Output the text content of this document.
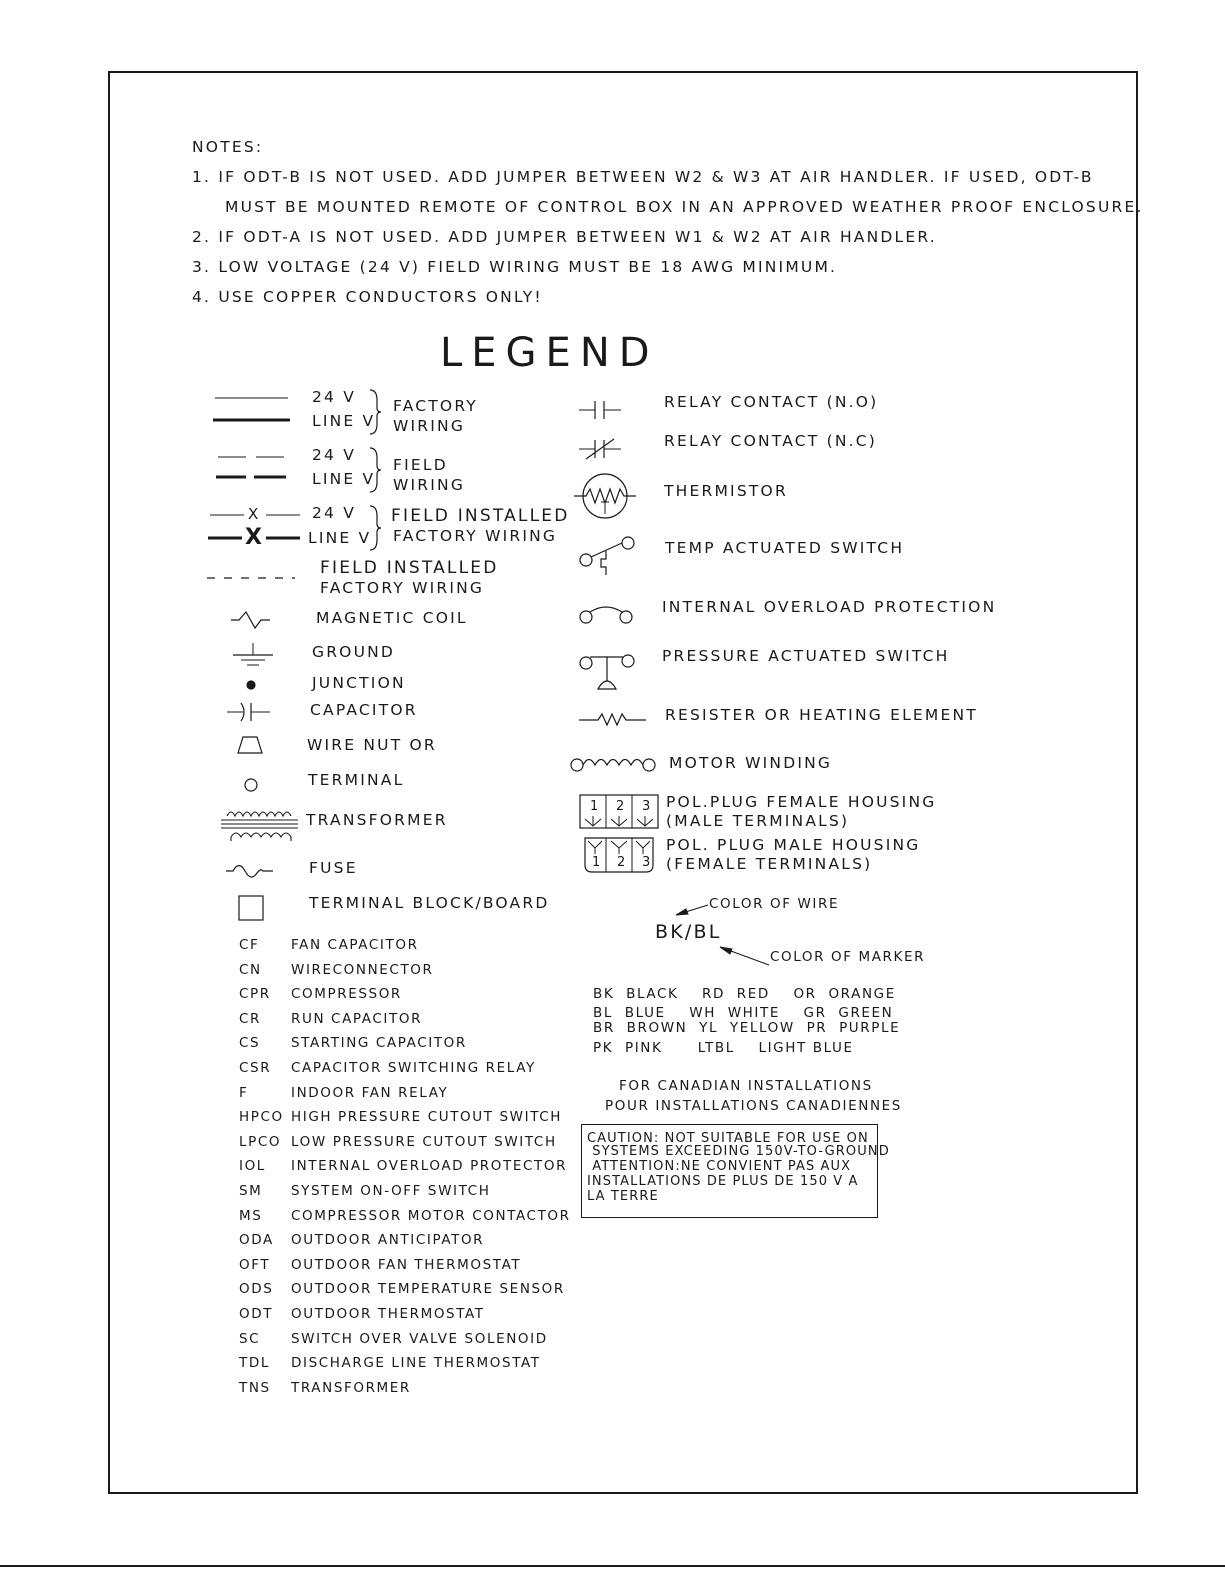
NOTES:
1. IF ODT-B IS NOT USED. ADD JUMPER BETWEEN W2 & W3 AT AIR HANDLER. IF USED, ODT-B
MUST BE MOUNTED REMOTE OF CONTROL BOX IN AN APPROVED WEATHER PROOF ENCLOSURE.
2. IF ODT-A IS NOT USED. ADD JUMPER BETWEEN W1 & W2 AT AIR HANDLER.
3. LOW VOLTAGE (24 V) FIELD WIRING MUST BE 18 AWG MINIMUM.
4. USE COPPER CONDUCTORS ONLY!
LEGEND
24 V
LINE V
FACTORY
WIRING
24 V
LINE V
FIELD
WIRING
X
X
24 V
LINE V
FIELD INSTALLED
FACTORY WIRING
FIELD INSTALLED
FACTORY WIRING
MAGNETIC COIL
GROUND
JUNCTION
CAPACITOR
WIRE NUT OR
TERMINAL
TRANSFORMER
FUSE
TERMINAL BLOCK/BOARD
CF FAN CAPACITOR
CN WIRECONNECTOR
CPR COMPRESSOR
CR RUN CAPACITOR
CS STARTING CAPACITOR
CSR CAPACITOR SWITCHING RELAY
F	INDOOR FAN RELAY
HPCO HIGH PRESSURE CUTOUT SWITCH
LPCO LOW PRESSURE CUTOUT SWITCH
IOL INTERNAL OVERLOAD PROTECTOR
SM SYSTEM ON-OFF SWITCH
MS COMPRESSOR MOTOR CONTACTOR
ODA OUTDOOR ANTICIPATOR
OFT OUTDOOR FAN THERMOSTAT
ODS OUTDOOR TEMPERATURE SENSOR
ODT OUTDOOR THERMOSTAT
SC SWITCH OVER VALVE SOLENOID
TDL DISCHARGE LINE THERMOSTAT
TNS TRANSFORMER
RELAY CONTACT (N.O)
RELAY CONTACT (N.C)
THERMISTOR
TEMP ACTUATED SWITCH
INTERNAL OVERLOAD PROTECTION
PRESSURE ACTUATED SWITCH
RESISTER OR HEATING ELEMENT
MOTOR WINDING
1 2 3 POL.PLUG FEMALE HOUSING
(MALE TERMINALS)
1 2 3
POL. PLUG MALE HOUSING
(FEMALE TERMINALS)
COLOR OF WIRE
BK/BL
COLOR OF MARKER
BK  BLACK    RD  RED    OR  ORANGE
BL  BLUE    WH  WHITE    GR  GREEN
BR  BROWN  YL  YELLOW  PR  PURPLE
PK  PINK      LTBL    LIGHT BLUE
FOR CANADIAN INSTALLATIONS
POUR INSTALLATIONS CANADIENNES
CAUTION: NOT SUITABLE FOR USE ON
SYSTEMS EXCEEDING 150V-TO-GROUND
ATTENTION:NE CONVIENT PAS AUX
INSTALLATIONS DE PLUS DE 150 V A
LA TERRE
